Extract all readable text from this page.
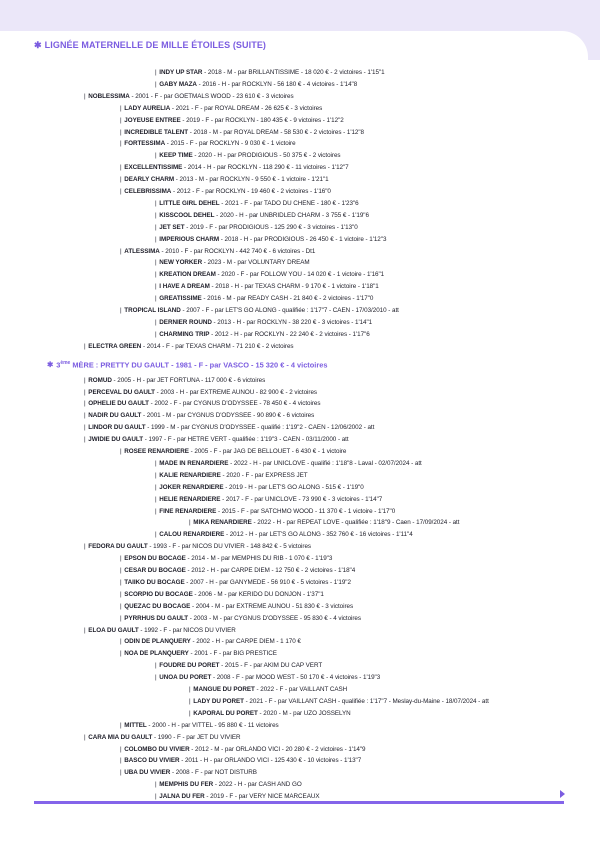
✱ LIGNÉE MATERNELLE DE MILLE ÉTOILES (SUITE)
| INDY UP STAR - 2018 - M - par BRILLANTISSIME - 18 020 € - 2 victoires - 1'15"1
| GABY MAZA - 2016 - H - par ROCKLYN - 56 180 € - 4 victoires - 1'14"8
| NOBLESSIMA - 2001 - F - par GOETMALS WOOD - 23 610 € - 3 victoires
| LADY AURELIA - 2021 - F - par ROYAL DREAM - 26 625 € - 3 victoires
| JOYEUSE ENTREE - 2019 - F - par ROCKLYN - 180 435 € - 9 victoires - 1'12"2
| INCREDIBLE TALENT - 2018 - M - par ROYAL DREAM - 58 530 € - 2 victoires - 1'12"8
| FORTESSIMA - 2015 - F - par ROCKLYN - 9 030 € - 1 victoire
| KEEP TIME - 2020 - H - par PRODIGIOUS - 50 375 € - 2 victoires
| EXCELLENTISSIME - 2014 - H - par ROCKLYN - 118 290 € - 11 victoires - 1'12"7
| DEARLY CHARM - 2013 - M - par ROCKLYN - 9 550 € - 1 victoire - 1'21"1
| CELEBRISSIMA - 2012 - F - par ROCKLYN - 19 460 € - 2 victoires - 1'16"0
| LITTLE GIRL DEHEL - 2021 - F - par TADO DU CHENE - 180 € - 1'23"6
| KISSCOOL DEHEL - 2020 - H - par UNBRIDLED CHARM - 3 755 € - 1'19"6
| JET SET - 2019 - F - par PRODIGIOUS - 125 290 € - 3 victoires - 1'13"0
| IMPERIOUS CHARM - 2018 - H - par PRODIGIOUS - 26 450 € - 1 victoire - 1'12"3
| ATLESSIMA - 2010 - F - par ROCKLYN - 442 740 € - 6 victoires - Dt1
| NEW YORKER - 2023 - M - par VOLUNTARY DREAM
| KREATION DREAM - 2020 - F - par FOLLOW YOU - 14 020 € - 1 victoire - 1'16"1
| I HAVE A DREAM - 2018 - H - par TEXAS CHARM - 9 170 € - 1 victoire - 1'18"1
| GREATISSIME - 2016 - M - par READY CASH - 21 840 € - 2 victoires - 1'17"0
| TROPICAL ISLAND - 2007 - F - par LET'S GO ALONG - qualifiée : 1'17"7 - CAEN - 17/03/2010 - att
| DERNIER ROUND - 2013 - H - par ROCKLYN - 38 220 € - 3 victoires - 1'14"1
| CHARMING TRIP - 2012 - H - par ROCKLYN - 22 240 € - 2 victoires - 1'17"6
| ELECTRA GREEN - 2014 - F - par TEXAS CHARM - 71 210 € - 2 victoires
✱ 3ème MÈRE : PRETTY DU GAULT - 1981 - F - par VASCO - 15 320 € - 4 victoires
| ROMUD - 2005 - H - par JET FORTUNA - 117 000 € - 6 victoires
| PERCEVAL DU GAULT - 2003 - H - par EXTREME AUNOU - 82 900 € - 2 victoires
| OPHELIE DU GAULT - 2002 - F - par CYGNUS D'ODYSSEE - 78 450 € - 4 victoires
| NADIR DU GAULT - 2001 - M - par CYGNUS D'ODYSSEE - 90 890 € - 6 victoires
| LINDOR DU GAULT - 1999 - M - par CYGNUS D'ODYSSEE - qualifié : 1'19"2 - CAEN - 12/06/2002 - att
| JWIDIE DU GAULT - 1997 - F - par HETRE VERT - qualifiée : 1'19"3 - CAEN - 03/11/2000 - att
| ROSEE RENARDIERE - 2005 - F - par JAG DE BELLOUET - 6 430 € - 1 victoire
| MADE IN RENARDIERE - 2022 - H - par UNICLOVE - qualifié : 1'18"8 - Laval - 02/07/2024 - att
| KALIE RENARDIERE - 2020 - F - par EXPRESS JET
| JOKER RENARDIERE - 2019 - H - par LET'S GO ALONG - 515 € - 1'19"0
| HELIE RENARDIERE - 2017 - F - par UNICLOVE - 73 990 € - 3 victoires - 1'14"7
| FINE RENARDIERE - 2015 - F - par SATCHMO WOOD - 11 370 € - 1 victoire - 1'17"0
| MIKA RENARDIERE - 2022 - H - par REPEAT LOVE - qualifiée : 1'18"9 - Caen - 17/09/2024 - att
| CALOU RENARDIERE - 2012 - H - par LET'S GO ALONG - 352 760 € - 16 victoires - 1'11"4
| FEDORA DU GAULT - 1993 - F - par NICOS DU VIVIER - 148 842 € - 5 victoires
| EPSON DU BOCAGE - 2014 - M - par MEMPHIS DU RIB - 1 070 € - 1'19"3
| CESAR DU BOCAGE - 2012 - H - par CARPE DIEM - 12 750 € - 2 victoires - 1'18"4
| TAIIKO DU BOCAGE - 2007 - H - par GANYMEDE - 56 910 € - 5 victoires - 1'19"2
| SCORPIO DU BOCAGE - 2006 - M - par KERIDO DU DONJON - 1'37"1
| QUEZAC DU BOCAGE - 2004 - M - par EXTREME AUNOU - 51 830 € - 3 victoires
| PYRRHUS DU GAULT - 2003 - M - par CYGNUS D'ODYSSEE - 95 830 € - 4 victoires
| ELOA DU GAULT - 1992 - F - par NICOS DU VIVIER
| ODIN DE PLANQUERY - 2002 - H - par CARPE DIEM - 1 170 €
| NOA DE PLANQUERY - 2001 - F - par BIG PRESTICE
| FOUDRE DU PORET - 2015 - F - par AKIM DU CAP VERT
| UNOA DU PORET - 2008 - F - par MOOD WEST - 50 170 € - 4 victoires - 1'19"3
| MANGUE DU PORET - 2022 - F - par VAILLANT CASH
| LADY DU PORET - 2021 - F - par VAILLANT CASH - qualifiée : 1'17"7 - Meslay-du-Maine - 18/07/2024 - att
| KAPORAL DU PORET - 2020 - M - par UZO JOSSELYN
| MITTEL - 2000 - H - par VITTEL - 95 880 € - 11 victoires
| CARA MIA DU GAULT - 1990 - F - par JET DU VIVIER
| COLOMBO DU VIVIER - 2012 - M - par ORLANDO VICI - 20 280 € - 2 victoires - 1'14"9
| BASCO DU VIVIER - 2011 - H - par ORLANDO VICI - 125 430 € - 10 victoires - 1'13"7
| UBA DU VIVIER - 2008 - F - par NOT DISTURB
| MEMPHIS DU FER - 2022 - H - par CASH AND GO
| JALNA DU FER - 2019 - F - par VERY NICE MARCEAUX
